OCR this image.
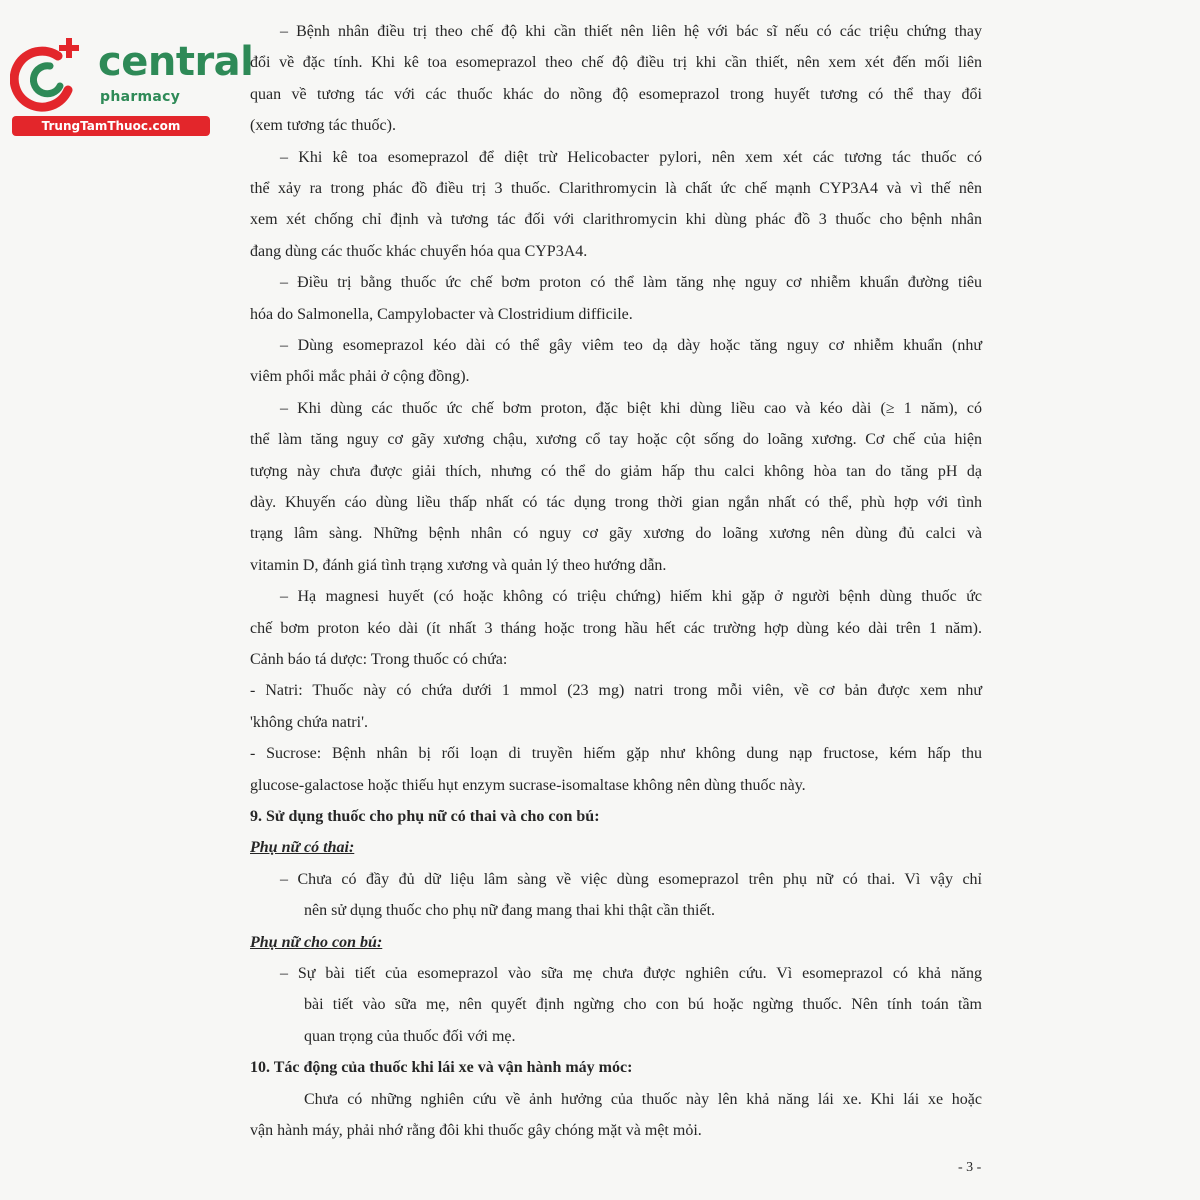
central
pharmacy
TrungTamThuoc.com
– Bệnh nhân điều trị theo chế độ khi cần thiết nên liên hệ với bác sĩ nếu có các triệu chứng thay
đổi về đặc tính. Khi kê toa esomeprazol theo chế độ điều trị khi cần thiết, nên xem xét đến mối liên
quan về tương tác với các thuốc khác do nồng độ esomeprazol trong huyết tương có thể thay đổi
(xem tương tác thuốc).
– Khi kê toa esomeprazol để diệt trừ Helicobacter pylori, nên xem xét các tương tác thuốc có
thể xảy ra trong phác đồ điều trị 3 thuốc. Clarithromycin là chất ức chế mạnh CYP3A4 và vì thế nên
xem xét chống chỉ định và tương tác đối với clarithromycin khi dùng phác đồ 3 thuốc cho bệnh nhân
đang dùng các thuốc khác chuyển hóa qua CYP3A4.
– Điều trị bằng thuốc ức chế bơm proton có thể làm tăng nhẹ nguy cơ nhiễm khuẩn đường tiêu
hóa do Salmonella, Campylobacter và Clostridium difficile.
– Dùng esomeprazol kéo dài có thể gây viêm teo dạ dày hoặc tăng nguy cơ nhiễm khuẩn (như
viêm phổi mắc phải ở cộng đồng).
– Khi dùng các thuốc ức chế bơm proton, đặc biệt khi dùng liều cao và kéo dài (≥ 1 năm), có
thể làm tăng nguy cơ gãy xương chậu, xương cổ tay hoặc cột sống do loãng xương. Cơ chế của hiện
tượng này chưa được giải thích, nhưng có thể do giảm hấp thu calci không hòa tan do tăng pH dạ
dày. Khuyến cáo dùng liều thấp nhất có tác dụng trong thời gian ngắn nhất có thể, phù hợp với tình
trạng lâm sàng. Những bệnh nhân có nguy cơ gãy xương do loãng xương nên dùng đủ calci và
vitamin D, đánh giá tình trạng xương và quản lý theo hướng dẫn.
– Hạ magnesi huyết (có hoặc không có triệu chứng) hiếm khi gặp ở người bệnh dùng thuốc ức
chế bơm proton kéo dài (ít nhất 3 tháng hoặc trong hầu hết các trường hợp dùng kéo dài trên 1 năm).
Cảnh báo tá dược: Trong thuốc có chứa:
- Natri: Thuốc này có chứa dưới 1 mmol (23 mg) natri trong mỗi viên, về cơ bản được xem như
'không chứa natri'.
- Sucrose: Bệnh nhân bị rối loạn di truyền hiếm gặp như không dung nạp fructose, kém hấp thu
glucose-galactose hoặc thiếu hụt enzym sucrase-isomaltase không nên dùng thuốc này.
9. Sử dụng thuốc cho phụ nữ có thai và cho con bú:
Phụ nữ có thai:
– Chưa có đầy đủ dữ liệu lâm sàng về việc dùng esomeprazol trên phụ nữ có thai. Vì vậy chỉ
nên sử dụng thuốc cho phụ nữ đang mang thai khi thật cần thiết.
Phụ nữ cho con bú:
– Sự bài tiết của esomeprazol vào sữa mẹ chưa được nghiên cứu. Vì esomeprazol có khả năng
bài tiết vào sữa mẹ, nên quyết định ngừng cho con bú hoặc ngừng thuốc. Nên tính toán tầm
quan trọng của thuốc đối với mẹ.
10. Tác động của thuốc khi lái xe và vận hành máy móc:
Chưa có những nghiên cứu về ảnh hưởng của thuốc này lên khả năng lái xe. Khi lái xe hoặc
vận hành máy, phải nhớ rằng đôi khi thuốc gây chóng mặt và mệt mỏi.
- 3 -
